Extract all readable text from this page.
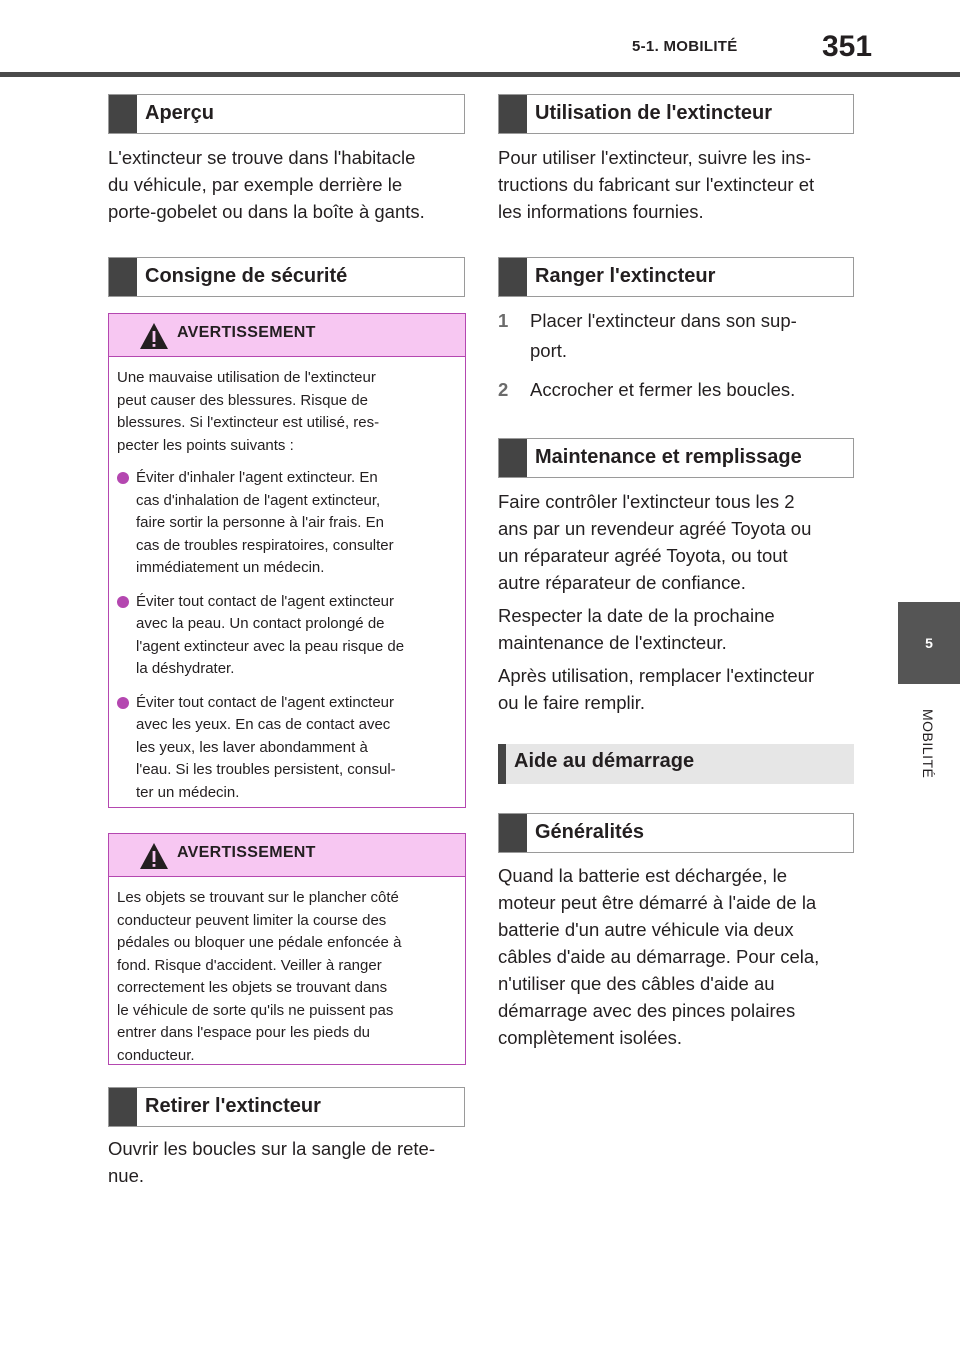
5-1. MOBILITÉ	351
5
MOBILITÉ
Aperçu
L'extincteur se trouve dans l'habitacle
du véhicule, par exemple derrière le
porte-gobelet ou dans la boîte à gants.
Consigne de sécurité
AVERTISSEMENT
Une mauvaise utilisation de l'extincteur
peut causer des blessures. Risque de
blessures. Si l'extincteur est utilisé, res-
pecter les points suivants :
Éviter d'inhaler l'agent extincteur. En
cas d'inhalation de l'agent extincteur,
faire sortir la personne à l'air frais. En
cas de troubles respiratoires, consulter
immédiatement un médecin.
Éviter tout contact de l'agent extincteur
avec la peau. Un contact prolongé de
l'agent extincteur avec la peau risque de
la déshydrater.
Éviter tout contact de l'agent extincteur
avec les yeux. En cas de contact avec
les yeux, les laver abondamment à
l'eau. Si les troubles persistent, consul-
ter un médecin.
AVERTISSEMENT
Les objets se trouvant sur le plancher côté
conducteur peuvent limiter la course des
pédales ou bloquer une pédale enfoncée à
fond. Risque d'accident. Veiller à ranger
correctement les objets se trouvant dans
le véhicule de sorte qu'ils ne puissent pas
entrer dans l'espace pour les pieds du
conducteur.
Retirer l'extincteur
Ouvrir les boucles sur la sangle de rete-
nue.
Utilisation de l'extincteur
Pour utiliser l'extincteur, suivre les ins-
tructions du fabricant sur l'extincteur et
les informations fournies.
Ranger l'extincteur
1 Placer l'extincteur dans son sup-
port.
2 Accrocher et fermer les boucles.
Maintenance et remplissage

Faire contrôler l'extincteur tous les 2
ans par un revendeur agréé Toyota ou
un réparateur agréé Toyota, ou tout
autre réparateur de confiance.

Respecter la date de la prochaine
maintenance de l'extincteur.

Après utilisation, remplacer l'extincteur
ou le faire remplir.

Aide au démarrage
Généralités
Quand la batterie est déchargée, le
moteur peut être démarré à l'aide de la
batterie d'un autre véhicule via deux
câbles d'aide au démarrage. Pour cela,
n'utiliser que des câbles d'aide au
démarrage avec des pinces polaires
complètement isolées.
